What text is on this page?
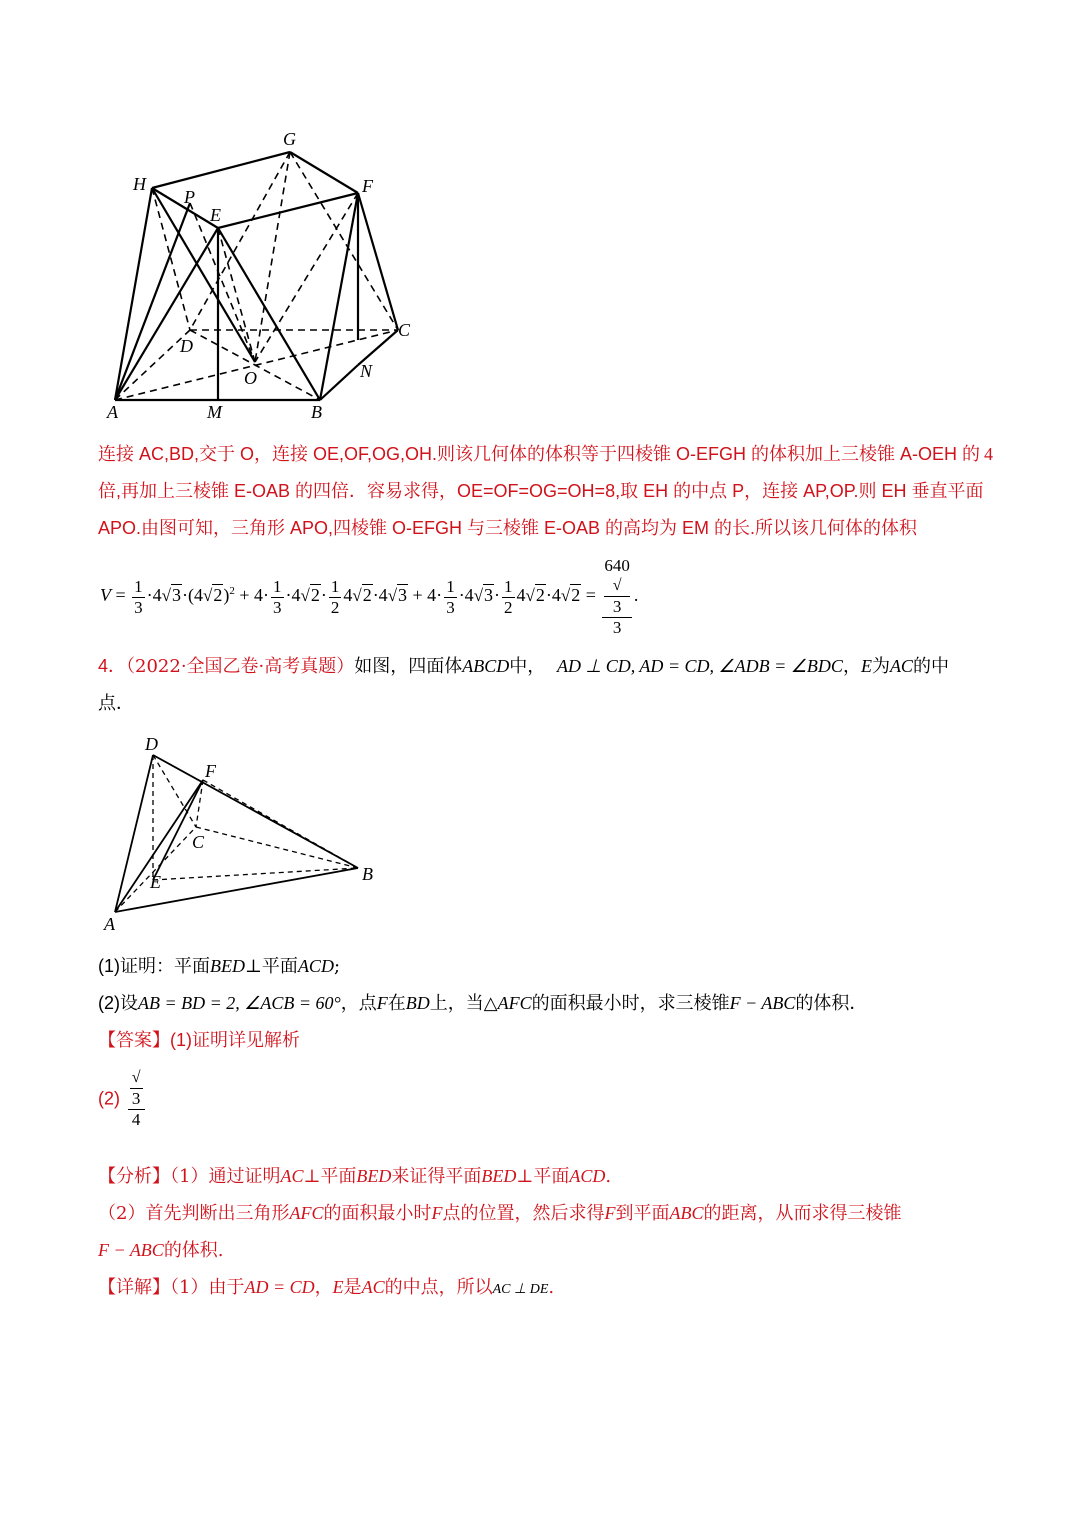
G
H
P
E
F
D
C
O	N
A	M	B
连接 AC,BD,交于 O，连接 OE,OF,OG,OH.则该几何体的体积等于四棱锥 O-EFGH 的体积加上三棱锥 A-OEH 的 4
倍,再加上三棱锥 E-OAB 的四倍．容易求得，OE=OF=OG=OH=8,取 EH 的中点 P，连接 AP,OP.则 EH 垂直平面
APO.由图可知，三角形 APO,四棱锥 O-EFGH 与三棱锥 E-OAB 的高均为 EM 的长.所以该几何体的体积
$V = \frac{1}{3} \cdot 4√3\cdot(4√2)^2 + 4\cdot \frac{1}{3} \cdot 4√2\cdot \frac{1}{2} 4√2\cdot 4√3 + 4\cdot \frac{1}{3} \cdot 4√3\cdot \frac{1}{2} 4√2\cdot 4√2 = 640$
√
3
3 .
4．（2022·全国乙卷·高考真题）如图，四面体ABCD中， AD ⊥ CD, AD = CD, ∠ADB = ∠BDC，E为AC的中
点．
D
F
C
E	B
A
(1)证明：平面BED⊥平面ACD;
(2)设AB = BD = 2, ∠ACB = 60°，点F在BD上，当△AFC的面积最小时，求三棱锥F − ABC的体积．
【答案】(1)证明详见解析
(2) √
3
4
【分析】（1）通过证明AC⊥平面BED来证得平面BED⊥平面ACD.
（2）首先判断出三角形AFC的面积最小时F点的位置，然后求得F到平面ABC的距离，从而求得三棱锥
F − ABC的体积.
【详解】（1）由于AD = CD，E是AC的中点，所以AC ⊥ DE.
